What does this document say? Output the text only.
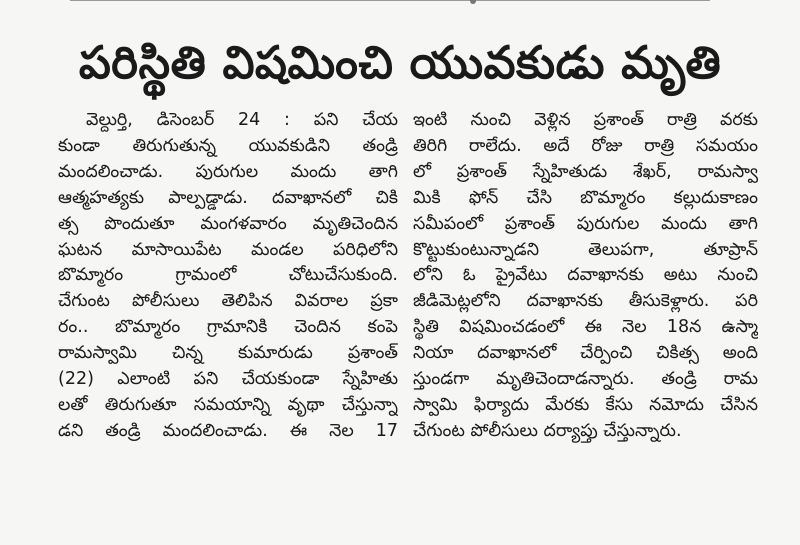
పరిస్థితి విషమించి యువకుడు మృతి
వెల్దుర్తి, డిసెంబర్ 24 : పని చేయ
కుండా తిరుగుతున్న యువకుడిని తండ్రి
మందలించాడు. పురుగుల మందు తాగి
ఆత్మహత్యకు పాల్పడ్డాడు. దవాఖానలో చికి
త్స పొందుతూ మంగళవారం మృతిచెందిన
ఘటన మాసాయిపేట మండల పరిధిలోని
బొమ్మారం గ్రామంలో చోటుచేసుకుంది.
చేగుంట పోలీసులు తెలిపిన వివరాల ప్రకా
రం.. బొమ్మారం గ్రామానికి చెందిన కంపె
రామస్వామి చిన్న కుమారుడు ప్రశాంత్
(22) ఎలాంటి పని చేయకుండా స్నేహితు
లతో తిరుగుతూ సమయాన్ని వృథా చేస్తున్నా
డని తండ్రి మందలించాడు. ఈ నెల 17
ఇంటి నుంచి వెళ్లిన ప్రశాంత్ రాత్రి వరకు
తిరిగి రాలేదు. అదే రోజు రాత్రి సమయం
లో ప్రశాంత్ స్నేహితుడు శేఖర్, రామస్వా
మికి ఫోన్ చేసి బొమ్మారం కల్లుదుకాణం
సమీపంలో ప్రశాంత్ పురుగుల మందు తాగి
కొట్టుకుంటున్నాడని తెలుపగా, తూప్రాన్
లోని ఓ ప్రైవేటు దవాఖానకు అటు నుంచి
జీడిమెట్లలోని దవాఖానకు తీసుకెళ్లారు. పరి
స్థితి విషమించడంలో ఈ నెల 18న ఉస్మా
నియా దవాఖానలో చేర్పించి చికిత్స అంది
స్తుండగా మృతిచెందాడన్నారు. తండ్రి రామ
స్వామి ఫిర్యాదు మేరకు కేసు నమోదు చేసిన
చేగుంట పోలీసులు దర్యాప్తు చేస్తున్నారు.
